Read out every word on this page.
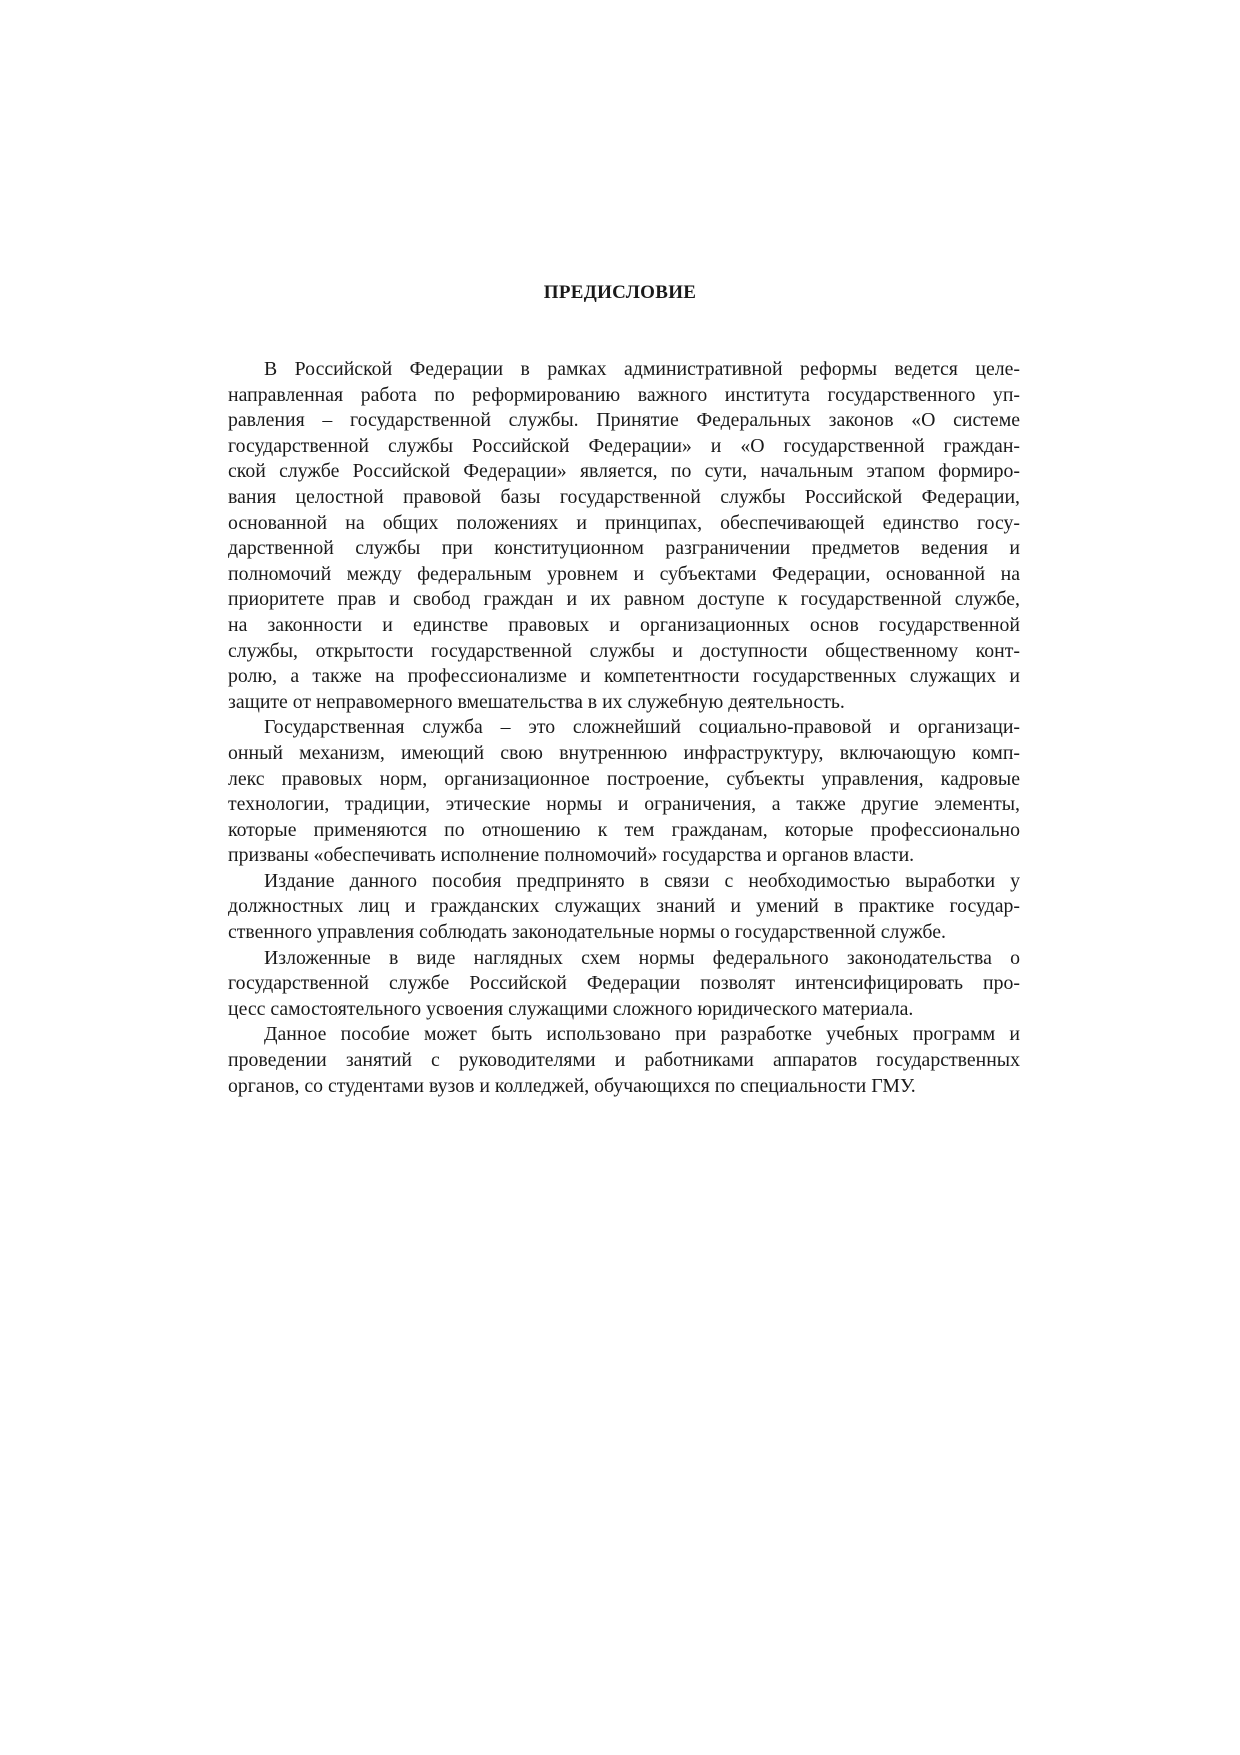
ПРЕДИСЛОВИЕ
В Российской Федерации в рамках административной реформы ведется целе-
направленная работа по реформированию важного института государственного уп-
равления – государственной службы. Принятие Федеральных законов «О системе
государственной службы Российской Федерации» и «О государственной граждан-
ской службе Российской Федерации» является, по сути, начальным этапом формиро-
вания целостной правовой базы государственной службы Российской Федерации,
основанной на общих положениях и принципах, обеспечивающей единство госу-
дарственной службы при конституционном разграничении предметов ведения и
полномочий между федеральным уровнем и субъектами Федерации, основанной на
приоритете прав и свобод граждан и их равном доступе к государственной службе,
на законности и единстве правовых и организационных основ государственной
службы, открытости государственной службы и доступности общественному конт-
ролю, а также на профессионализме и компетентности государственных служащих и
защите от неправомерного вмешательства в их служебную деятельность.
Государственная служба – это сложнейший социально-правовой и организаци-
онный механизм, имеющий свою внутреннюю инфраструктуру, включающую комп-
лекс правовых норм, организационное построение, субъекты управления, кадровые
технологии, традиции, этические нормы и ограничения, а также другие элементы,
которые применяются по отношению к тем гражданам, которые профессионально
призваны «обеспечивать исполнение полномочий» государства и органов власти.
Издание данного пособия предпринято в связи с необходимостью выработки у
должностных лиц и гражданских служащих знаний и умений в практике государ-
ственного управления соблюдать законодательные нормы о государственной службе.
Изложенные в виде наглядных схем нормы федерального законодательства о
государственной службе Российской Федерации позволят интенсифицировать про-
цесс самостоятельного усвоения служащими сложного юридического материала.
Данное пособие может быть использовано при разработке учебных программ и
проведении занятий с руководителями и работниками аппаратов государственных
органов, со студентами вузов и колледжей, обучающихся по специальности ГМУ.
